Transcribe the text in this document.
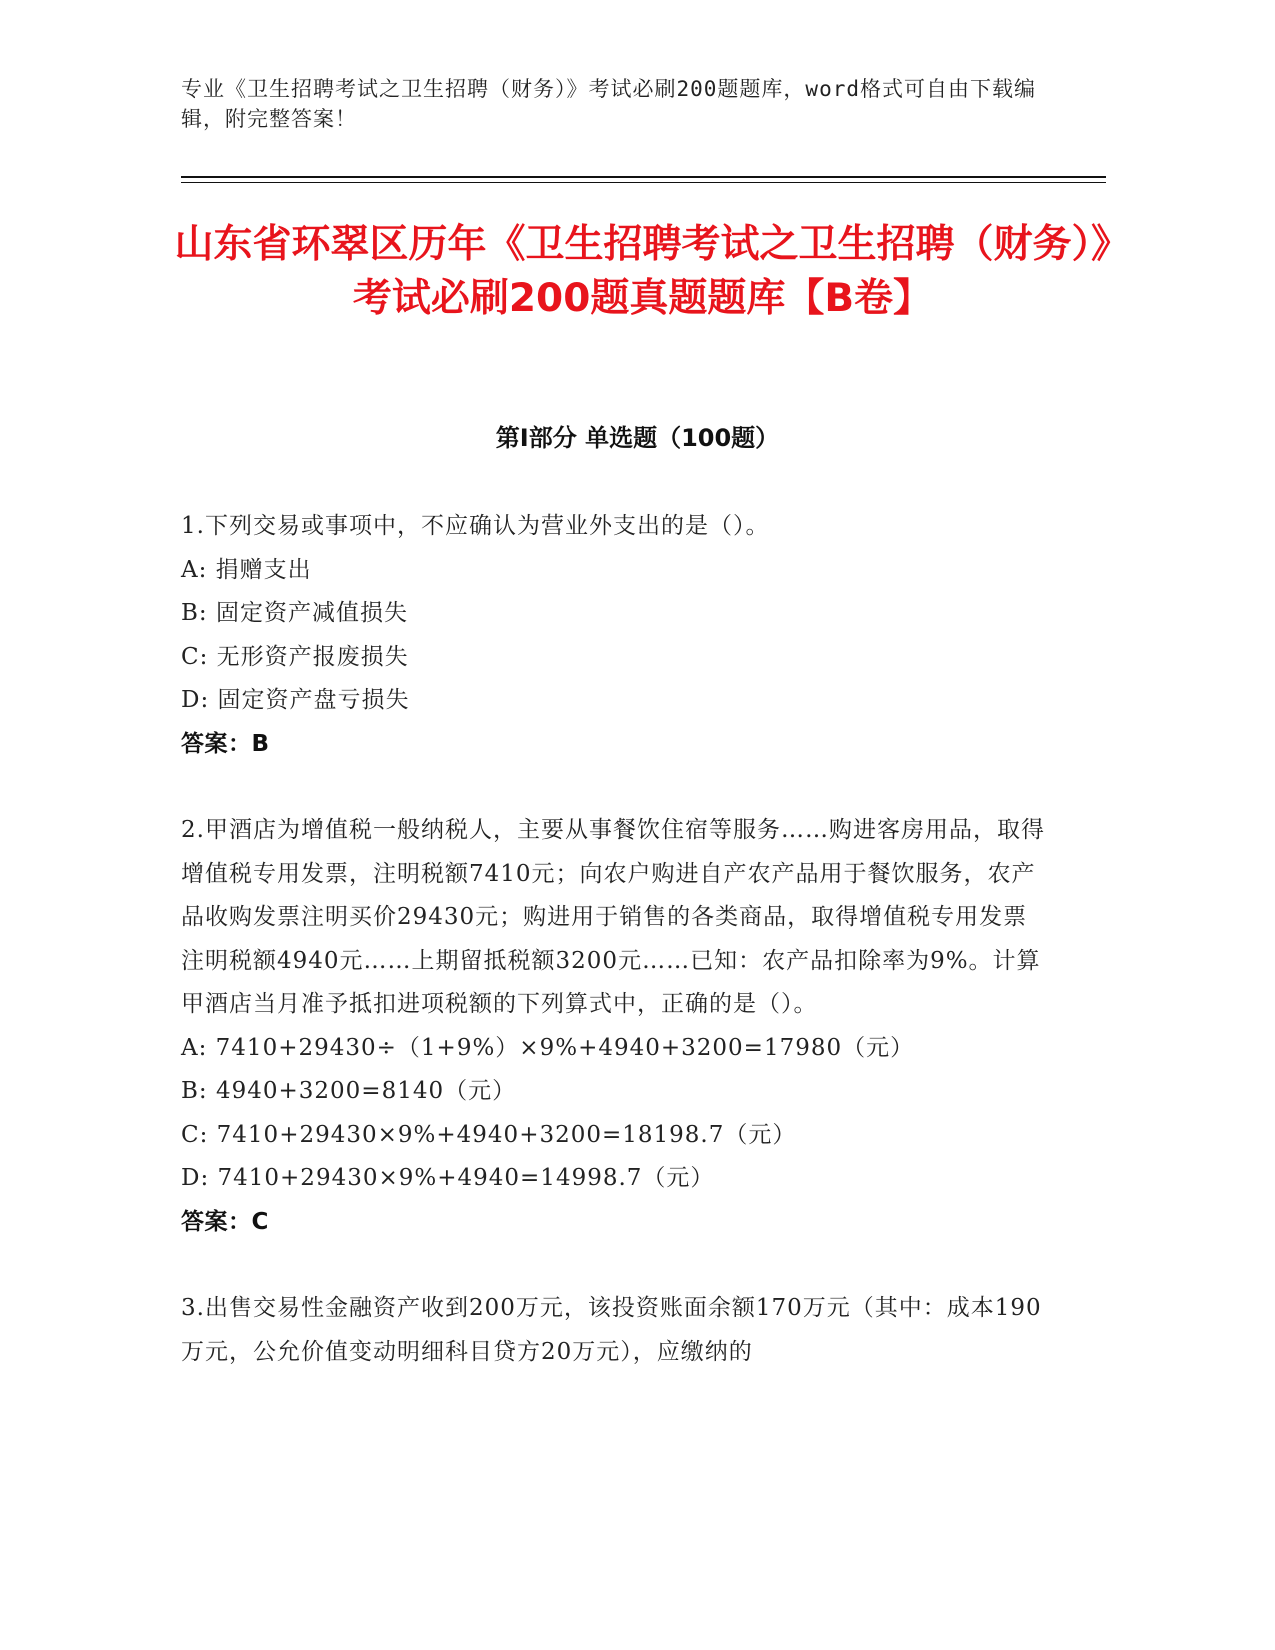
专业《卫生招聘考试之卫生招聘（财务）》考试必刷200题题库，word格式可自由下载编辑，附完整答案！
山东省环翠区历年《卫生招聘考试之卫生招聘（财务）》考试必刷200题真题题库【B卷】
第Ⅰ部分 单选题（100题）
1.下列交易或事项中，不应确认为营业外支出的是（）。
A: 捐赠支出
B: 固定资产减值损失
C: 无形资产报废损失
D: 固定资产盘亏损失
答案：B
2.甲酒店为增值税一般纳税人，主要从事餐饮住宿等服务……购进客房用品，取得增值税专用发票，注明税额7410元；向农户购进自产农产品用于餐饮服务，农产品收购发票注明买价29430元；购进用于销售的各类商品，取得增值税专用发票注明税额4940元……上期留抵税额3200元……已知：农产品扣除率为9%。计算甲酒店当月准予抵扣进项税额的下列算式中，正确的是（）。
A: 7410+29430÷（1+9%）×9%+4940+3200=17980（元）
B: 4940+3200=8140（元）
C: 7410+29430×9%+4940+3200=18198.7（元）
D: 7410+29430×9%+4940=14998.7（元）
答案：C
3.出售交易性金融资产收到200万元，该投资账面余额170万元（其中：成本190万元，公允价值变动明细科目贷方20万元），应缴纳的
